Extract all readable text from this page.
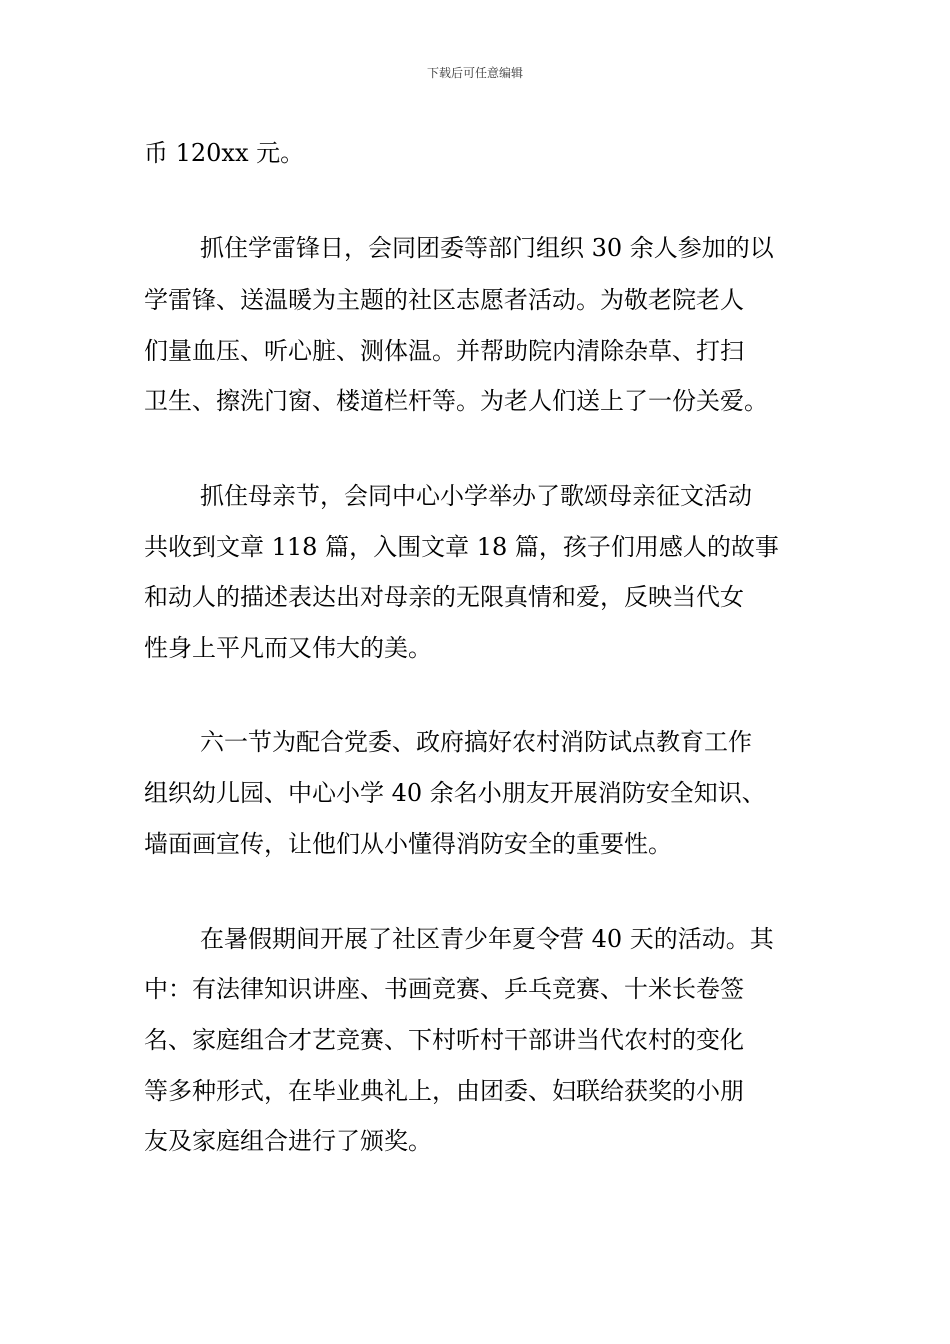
下载后可任意编辑

币 120xx 元。

抓住学雷锋日，会同团委等部门组织 30 余人参加的以

学雷锋、送温暖为主题的社区志愿者活动。为敬老院老人

们量血压、听心脏、测体温。并帮助院内清除杂草、打扫

卫生、擦洗门窗、楼道栏杆等。为老人们送上了一份关爱。

抓住母亲节，会同中心小学举办了歌颂母亲征文活动

共收到文章 118 篇，入围文章 18 篇，孩子们用感人的故事

和动人的描述表达出对母亲的无限真情和爱，反映当代女

性身上平凡而又伟大的美。

六一节为配合党委、政府搞好农村消防试点教育工作

组织幼儿园、中心小学 40 余名小朋友开展消防安全知识、

墙面画宣传，让他们从小懂得消防安全的重要性。

在暑假期间开展了社区青少年夏令营 40 天的活动。其

中：有法律知识讲座、书画竞赛、乒乓竞赛、十米长卷签

名、家庭组合才艺竞赛、下村听村干部讲当代农村的变化

等多种形式，在毕业典礼上，由团委、妇联给获奖的小朋

友及家庭组合进行了颁奖。
